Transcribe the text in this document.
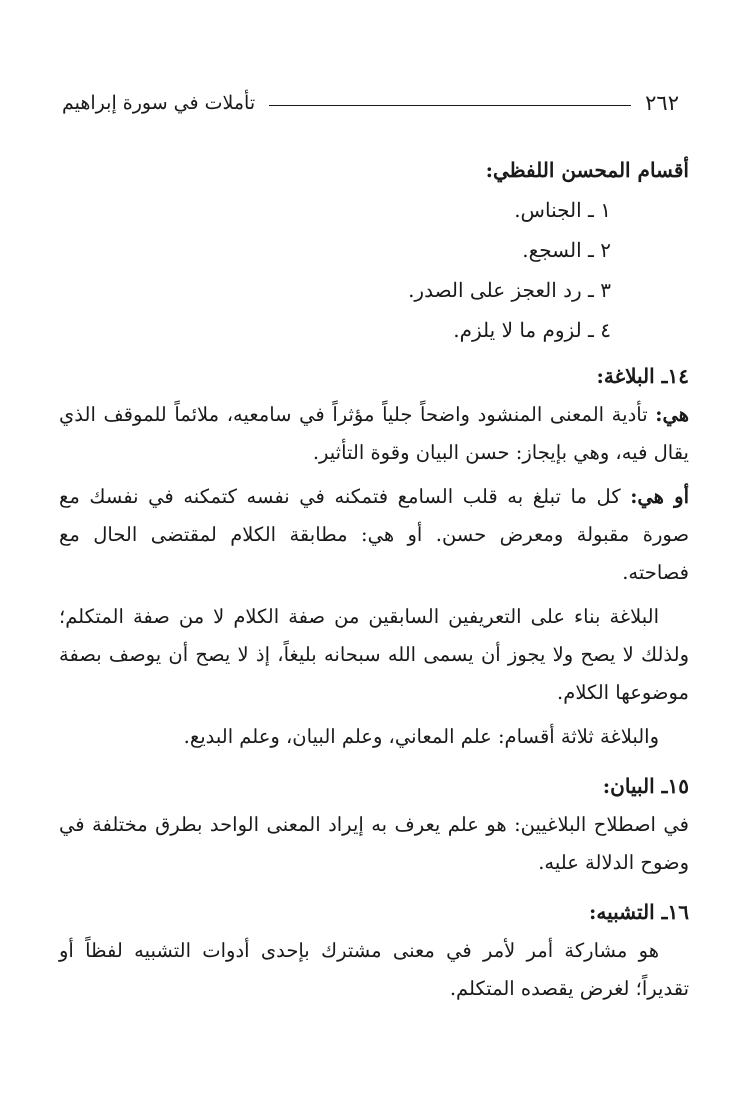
٢٦٢
تأملات في سورة إبراهيم

أقسام المحسن اللفظي:

١ ـ الجناس.
٢ ـ السجع.
٣ ـ رد العجز على الصدر.
٤ ـ لزوم ما لا يلزم.

١٤ـ البلاغة:

هي: تأدية المعنى المنشود واضحاً جلياً مؤثراً في سامعيه، ملائماً للموقف الذي يقال فيه، وهي بإيجاز: حسن البيان وقوة التأثير.

أو هي: كل ما تبلغ به قلب السامع فتمكنه في نفسه كتمكنه في نفسك مع صورة مقبولة ومعرض حسن. أو هي: مطابقة الكلام لمقتضى الحال مع فصاحته.

البلاغة بناء على التعريفين السابقين من صفة الكلام لا من صفة المتكلم؛ ولذلك لا يصح ولا يجوز أن يسمى الله سبحانه بليغاً، إذ لا يصح أن يوصف بصفة موضوعها الكلام.

والبلاغة ثلاثة أقسام: علم المعاني، وعلم البيان، وعلم البديع.

١٥ـ البيان:

في اصطلاح البلاغيين: هو علم يعرف به إيراد المعنى الواحد بطرق مختلفة في وضوح الدلالة عليه.

١٦ـ التشبيه:

هو مشاركة أمر لأمر في معنى مشترك بإحدى أدوات التشبيه لفظاً أو تقديراً؛ لغرض يقصده المتكلم.
